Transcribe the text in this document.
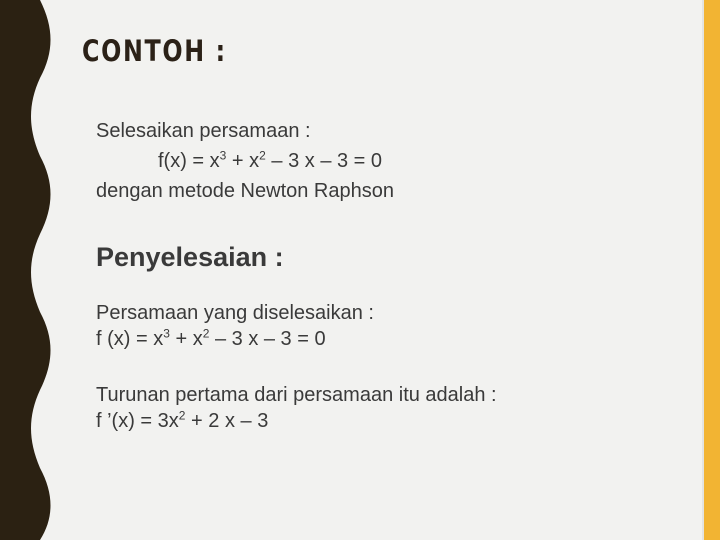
CONTOH :

Selesaikan persamaan :

$f(x) = x^3 + x^2 - 3$ x – 3 = 0

dengan metode Newton Raphson

Penyelesaian :

Persamaan yang diselesaikan :

f $(x) = x^3 + x^2 - 3$ x – 3 = 0

Turunan pertama dari persamaan itu adalah :

f ’(x) = $3x^2 + 2$ x – 3
